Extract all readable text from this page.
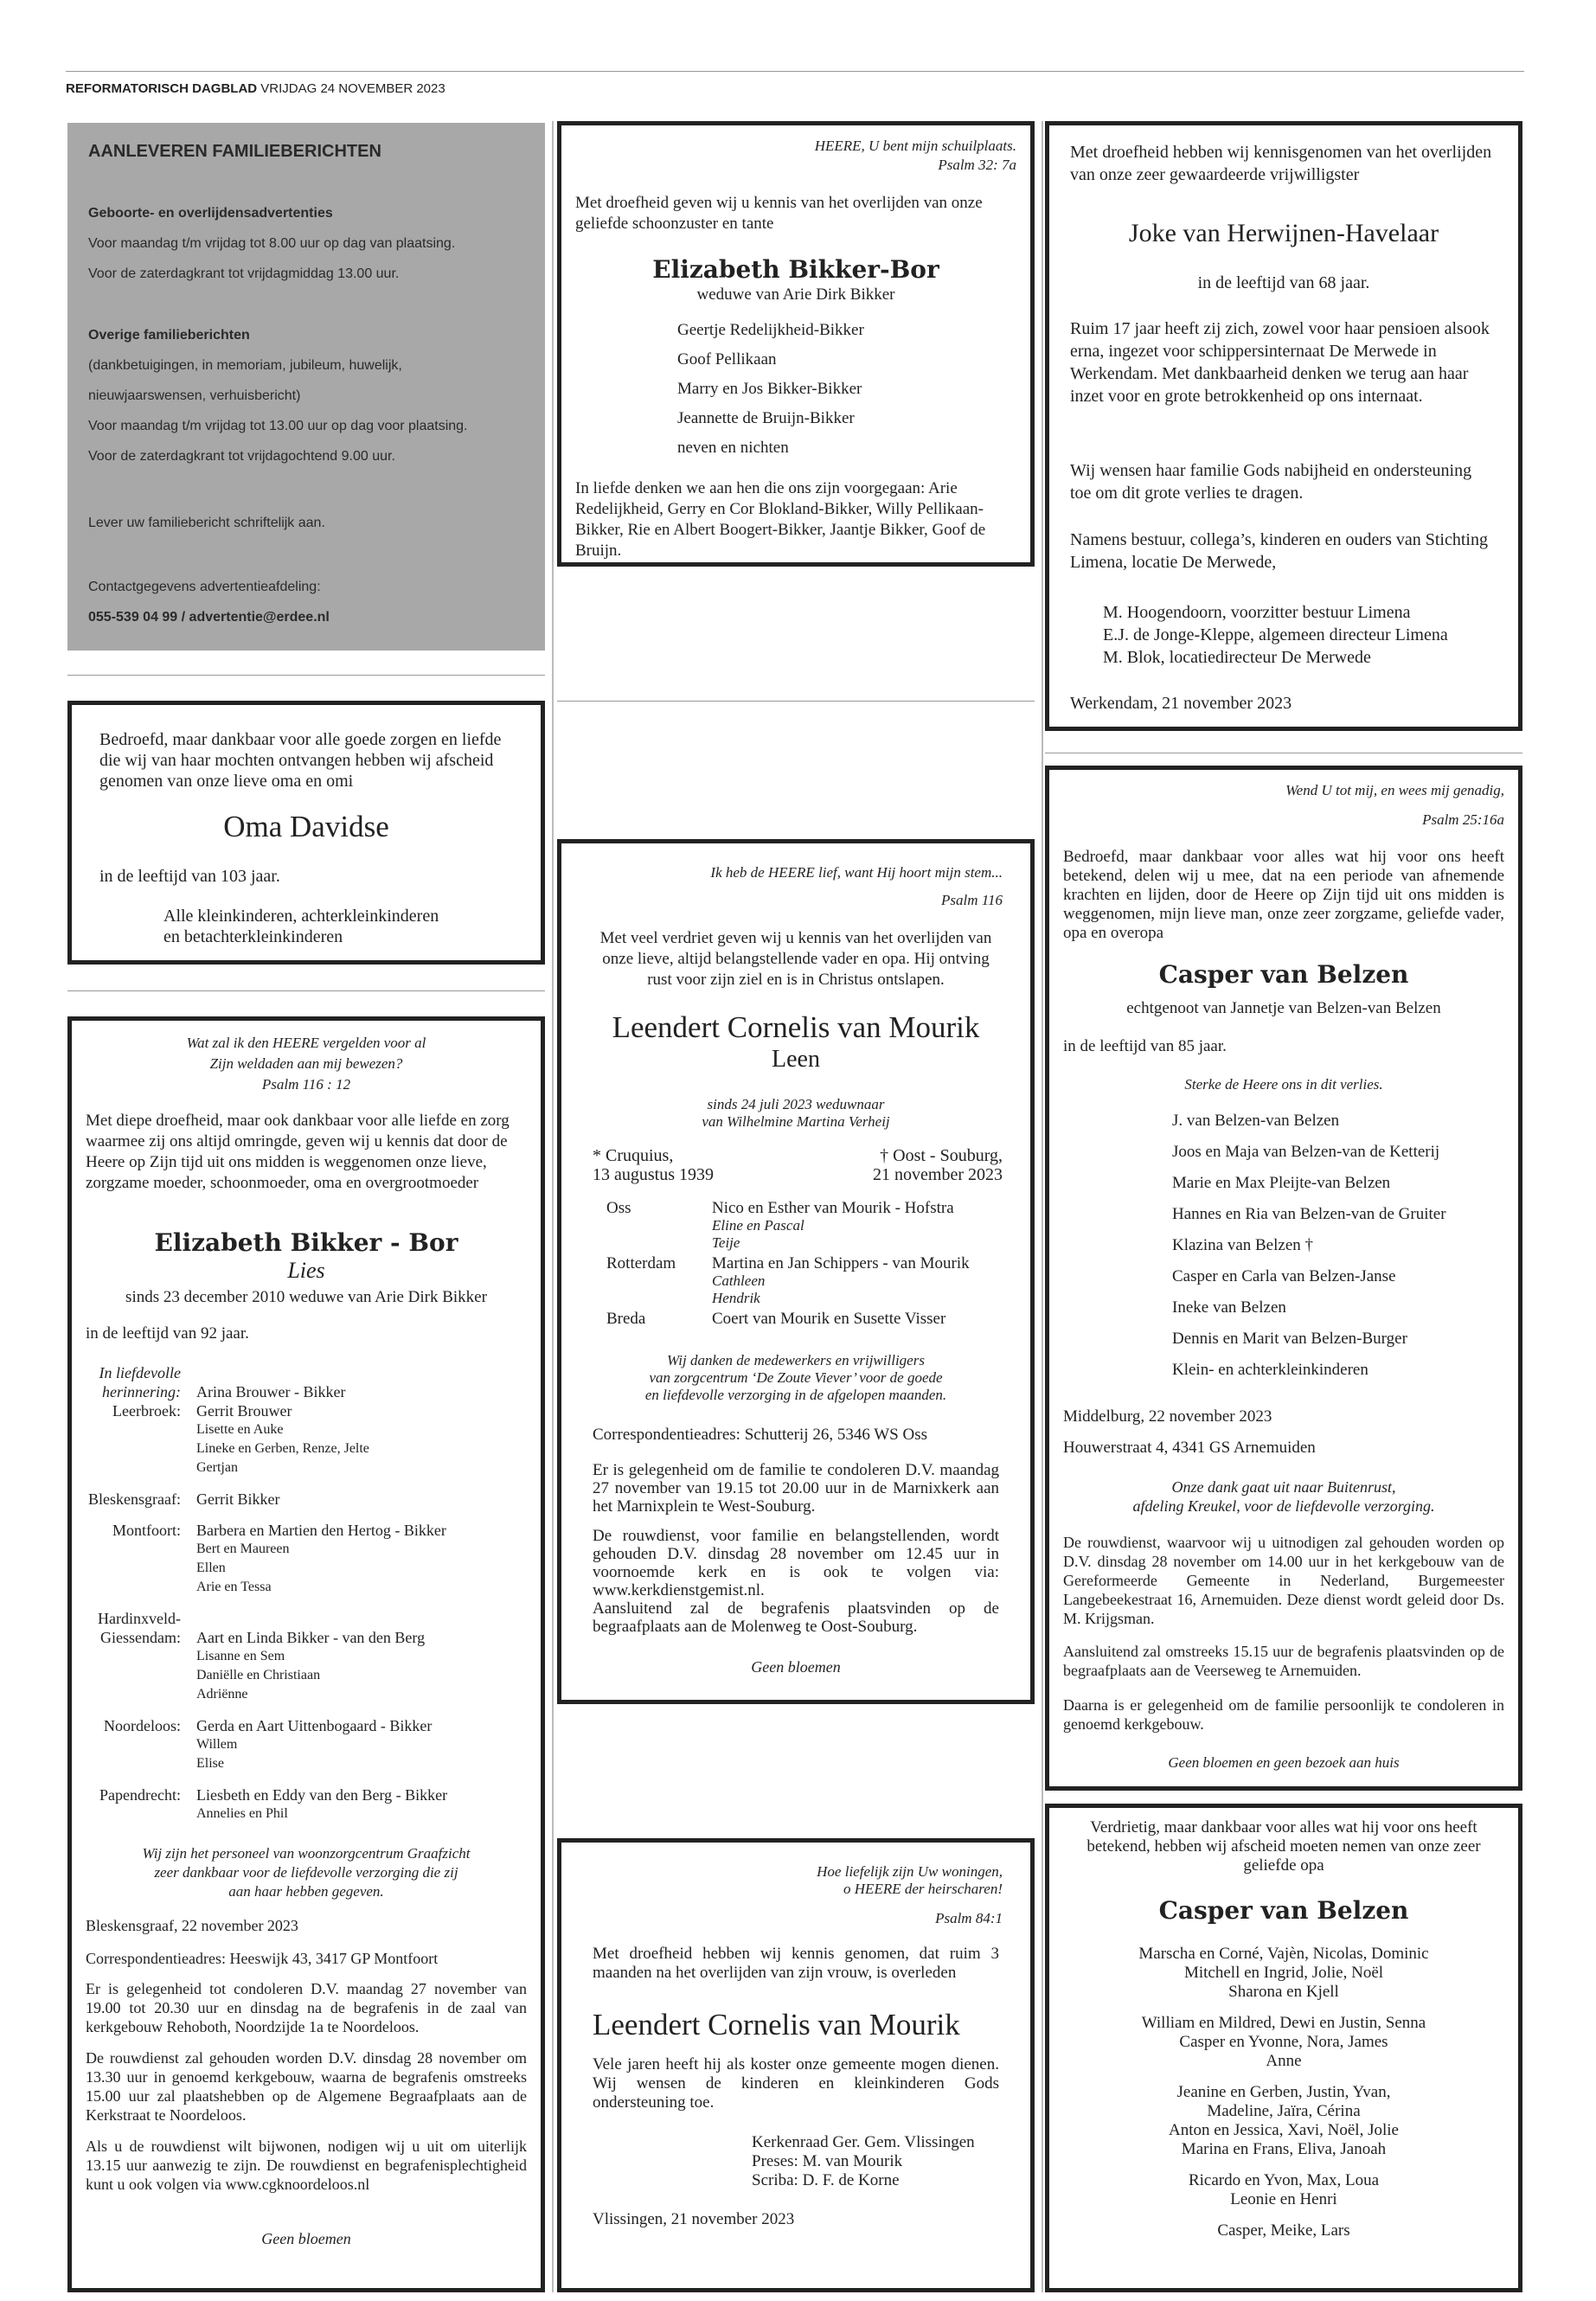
REFORMATORISCH DAGBLAD VRIJDAG 24 NOVEMBER 2023
AANLEVEREN FAMILIEBERICHTEN
Geboorte- en overlijdensadvertenties
Voor maandag t/m vrijdag tot 8.00 uur op dag van plaatsing.
Voor de zaterdagkrant tot vrijdagmiddag 13.00 uur.
Overige familieberichten
(dankbetuigingen, in memoriam, jubileum, huwelijk,
nieuwjaarswensen, verhuisbericht)
Voor maandag t/m vrijdag tot 13.00 uur op dag voor plaatsing.
Voor de zaterdagkrant tot vrijdagochtend 9.00 uur.
Lever uw familiebericht schriftelijk aan.
Contactgegevens advertentieafdeling:
055-539 04 99 / advertentie@erdee.nl

Bedroefd, maar dankbaar voor alle goede zorgen en liefde die wij van haar mochten ontvangen hebben wij afscheid genomen van onze lieve oma en omi

Oma Davidse
in de leeftijd van 103 jaar.
Alle kleinkinderen, achterkleinkinderen
en betachterkleinkinderen
Wat zal ik den HEERE vergelden voor al
Zijn weldaden aan mij bewezen?
Psalm 116 : 12

Met diepe droefheid, maar ook dankbaar voor alle liefde en zorg waarmee zij ons altijd omringde, geven wij u kennis dat door de Heere op Zijn tijd uit ons midden is weggenomen onze lieve, zorgzame moeder, schoonmoeder, oma en overgrootmoeder

Elizabeth Bikker - Bor
Lies
sinds 23 december 2010 weduwe van Arie Dirk Bikker
in de leeftijd van 92 jaar.
In liefdevolle herinnering: Arina Brouwer - Bikker
Leerbroek: Gerrit Brouwer
Lisette en Auke
Lineke en Gerben, Renze, Jelte
Gertjan
Bleskensgraaf: Gerrit Bikker
Montfoort: Barbera en Martien den Hertog - Bikker
Bert en Maureen
Ellen
Arie en Tessa
Hardinxveld-
Giessendam: Aart en Linda Bikker - van den Berg
Lisanne en Sem
Daniëlle en Christiaan
Adriënne
Noordeloos: Gerda en Aart Uittenbogaard - Bikker
Willem
Elise
Papendrecht: Liesbeth en Eddy van den Berg - Bikker
Annelies en Phil
Wij zijn het personeel van woonzorgcentrum Graafzicht
zeer dankbaar voor de liefdevolle verzorging die zij
aan haar hebben gegeven.
Bleskensgraaf, 22 november 2023
Correspondentieadres: Heeswijk 43, 3417 GP Montfoort

Er is gelegenheid tot condoleren D.V. maandag 27 november van 19.00 tot 20.30 uur en dinsdag na de begrafenis in de zaal van kerkgebouw Rehoboth, Noordzijde 1a te Noordeloos.

De rouwdienst zal gehouden worden D.V. dinsdag 28 november om 13.30 uur in genoemd kerkgebouw, waarna de begrafenis omstreeks 15.00 uur zal plaatshebben op de Algemene Begraafplaats aan de Kerkstraat te Noordeloos.

Als u de rouwdienst wilt bijwonen, nodigen wij u uit om uiterlijk 13.15 uur aanwezig te zijn. De rouwdienst en begrafenisplechtigheid kunt u ook volgen via www.cgknoordeloos.nl

Geen bloemen
HEERE, U bent mijn schuilplaats.
Psalm 32: 7a

Met droefheid geven wij u kennis van het overlijden van onze geliefde schoonzuster en tante

Elizabeth Bikker-Bor
weduwe van Arie Dirk Bikker
Geertje Redelijkheid-Bikker
Goof Pellikaan
Marry en Jos Bikker-Bikker
Jeannette de Bruijn-Bikker
neven en nichten

In liefde denken we aan hen die ons zijn voorgegaan: Arie Redelijkheid, Gerry en Cor Blokland-Bikker, Willy Pellikaan-Bikker, Rie en Albert Boogert-Bikker, Jaantje Bikker, Goof de Bruijn.

Ik heb de HEERE lief, want Hij hoort mijn stem...
Psalm 116

Met veel verdriet geven wij u kennis van het overlijden van onze lieve, altijd belangstellende vader en opa. Hij ontving rust voor zijn ziel en is in Christus ontslapen.

Leendert Cornelis van Mourik
Leen
sinds 24 juli 2023 weduwnaar
van Wilhelmine Martina Verheij
* Cruquius,
13 augustus 1939
† Oost - Souburg,
21 november 2023
Oss	Nico en Esther van Mourik - Hofstra
Eline en Pascal
Teije
Rotterdam	Martina en Jan Schippers - van Mourik
Cathleen
Hendrik
Breda	Coert van Mourik en Susette Visser
Wij danken de medewerkers en vrijwilligers
van zorgcentrum ‘De Zoute Viever’ voor de goede
en liefdevolle verzorging in de afgelopen maanden.
Correspondentieadres: Schutterij 26, 5346 WS Oss

Er is gelegenheid om de familie te condoleren D.V. maandag 27 november van 19.15 tot 20.00 uur in de Marnixkerk aan het Marnixplein te West-Souburg.

De rouwdienst, voor familie en belangstellenden, wordt gehouden D.V. dinsdag 28 november om 12.45 uur in voornoemde kerk en is ook te volgen via: www.kerkdienstgemist.nl.

Aansluitend zal de begrafenis plaatsvinden op de begraafplaats aan de Molenweg te Oost-Souburg.

Geen bloemen
Hoe liefelijk zijn Uw woningen,
o HEERE der heirscharen!
Psalm 84:1

Met droefheid hebben wij kennis genomen, dat ruim 3 maanden na het overlijden van zijn vrouw, is overleden

Leendert Cornelis van Mourik

Vele jaren heeft hij als koster onze gemeente mogen dienen. Wij wensen de kinderen en kleinkinderen Gods ondersteuning toe.

Kerkenraad Ger. Gem. Vlissingen
Preses: M. van Mourik
Scriba: D. F. de Korne
Vlissingen, 21 november 2023

Met droefheid hebben wij kennisgenomen van het overlijden van onze zeer gewaardeerde vrijwilligster

Joke van Herwijnen-Havelaar
in de leeftijd van 68 jaar.

Ruim 17 jaar heeft zij zich, zowel voor haar pensioen alsook erna, ingezet voor schippersinternaat De Merwede in Werkendam. Met dankbaarheid denken we terug aan haar inzet voor en grote betrokkenheid op ons internaat.

Wij wensen haar familie Gods nabijheid en ondersteuning toe om dit grote verlies te dragen.

Namens bestuur, collega’s, kinderen en ouders van Stichting Limena, locatie De Merwede,

M. Hoogendoorn, voorzitter bestuur Limena
E.J. de Jonge-Kleppe, algemeen directeur Limena
M. Blok, locatiedirecteur De Merwede
Werkendam, 21 november 2023
Wend U tot mij, en wees mij genadig,
Psalm 25:16a

Bedroefd, maar dankbaar voor alles wat hij voor ons heeft betekend, delen wij u mee, dat na een periode van afnemende krachten en lijden, door de Heere op Zijn tijd uit ons midden is weggenomen, mijn lieve man, onze zeer zorgzame, geliefde vader, opa en overopa

Casper van Belzen
echtgenoot van Jannetje van Belzen-van Belzen
in de leeftijd van 85 jaar.
Sterke de Heere ons in dit verlies.
J. van Belzen-van Belzen
Joos en Maja van Belzen-van de Ketterij
Marie en Max Pleijte-van Belzen
Hannes en Ria van Belzen-van de Gruiter
Klazina van Belzen †
Casper en Carla van Belzen-Janse
Ineke van Belzen
Dennis en Marit van Belzen-Burger
Klein- en achterkleinkinderen
Middelburg, 22 november 2023
Houwerstraat 4, 4341 GS Arnemuiden
Onze dank gaat uit naar Buitenrust,
afdeling Kreukel, voor de liefdevolle verzorging.

De rouwdienst, waarvoor wij u uitnodigen zal gehouden worden op D.V. dinsdag 28 november om 14.00 uur in het kerkgebouw van de Gereformeerde Gemeente in Nederland, Burgemeester Langebeekestraat 16, Arnemuiden. Deze dienst wordt geleid door Ds. M. Krijgsman.

Aansluitend zal omstreeks 15.15 uur de begrafenis plaatsvinden op de begraafplaats aan de Veerseweg te Arnemuiden.

Daarna is er gelegenheid om de familie persoonlijk te condoleren in genoemd kerkgebouw.

Geen bloemen en geen bezoek aan huis

Verdrietig, maar dankbaar voor alles wat hij voor ons heeft betekend, hebben wij afscheid moeten nemen van onze zeer geliefde opa

Casper van Belzen
Marscha en Corné, Vajèn, Nicolas, Dominic
Mitchell en Ingrid, Jolie, Noël
Sharona en Kjell
William en Mildred, Dewi en Justin, Senna
Casper en Yvonne, Nora, James
Anne
Jeanine en Gerben, Justin, Yvan,
Madeline, Jaïra, Cérina
Anton en Jessica, Xavi, Noël, Jolie
Marina en Frans, Eliva, Janoah
Ricardo en Yvon, Max, Loua
Leonie en Henri
Casper, Meike, Lars
